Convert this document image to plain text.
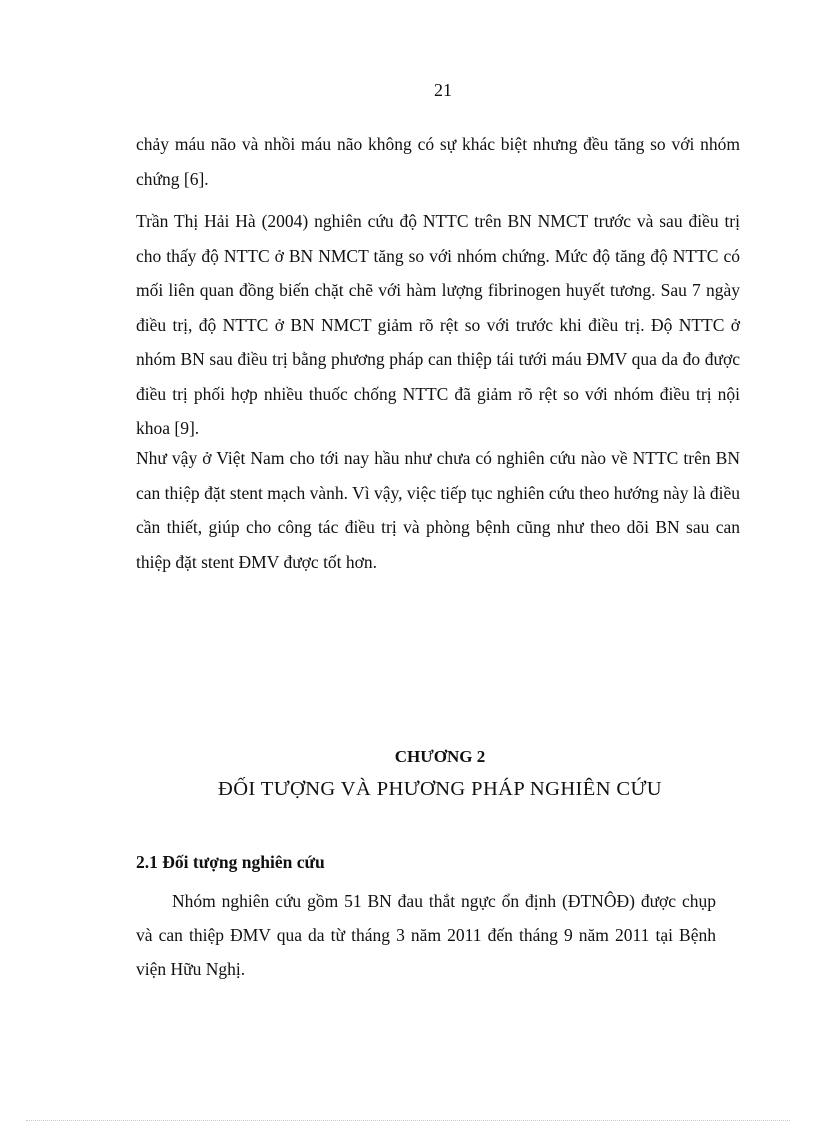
21

chảy máu não và nhồi máu não không có sự khác biệt nhưng đều tăng so với nhóm chứng [6].

Trần Thị Hải Hà (2004) nghiên cứu độ NTTC trên BN NMCT trước và sau điều trị cho thấy độ NTTC ở BN NMCT tăng so với nhóm chứng. Mức độ tăng độ NTTC có mối liên quan đồng biến chặt chẽ với hàm lượng fibrinogen huyết tương. Sau 7 ngày điều trị, độ NTTC ở BN NMCT giảm rõ rệt so với trước khi điều trị. Độ NTTC ở nhóm BN sau điều trị bằng phương pháp can thiệp tái tưới máu ĐMV qua da đo được điều trị phối hợp nhiều thuốc chống NTTC đã giảm rõ rệt so với nhóm điều trị nội khoa [9].

Như vậy ở Việt Nam cho tới nay hầu như chưa có nghiên cứu nào về NTTC trên BN can thiệp đặt stent mạch vành. Vì vậy, việc tiếp tục nghiên cứu theo hướng này là điều cần thiết, giúp cho công tác điều trị và phòng bệnh cũng như theo dõi BN sau can thiệp đặt stent ĐMV được tốt hơn.

CHƯƠNG 2
ĐỐI TƯỢNG VÀ PHƯƠNG PHÁP NGHIÊN CỨU

2.1 Đối tượng nghiên cứu

Nhóm nghiên cứu gồm 51 BN đau thắt ngực ổn định (ĐTNÔĐ) được chụp và can thiệp ĐMV qua da từ tháng 3 năm 2011 đến tháng 9 năm 2011 tại Bệnh viện Hữu Nghị.
